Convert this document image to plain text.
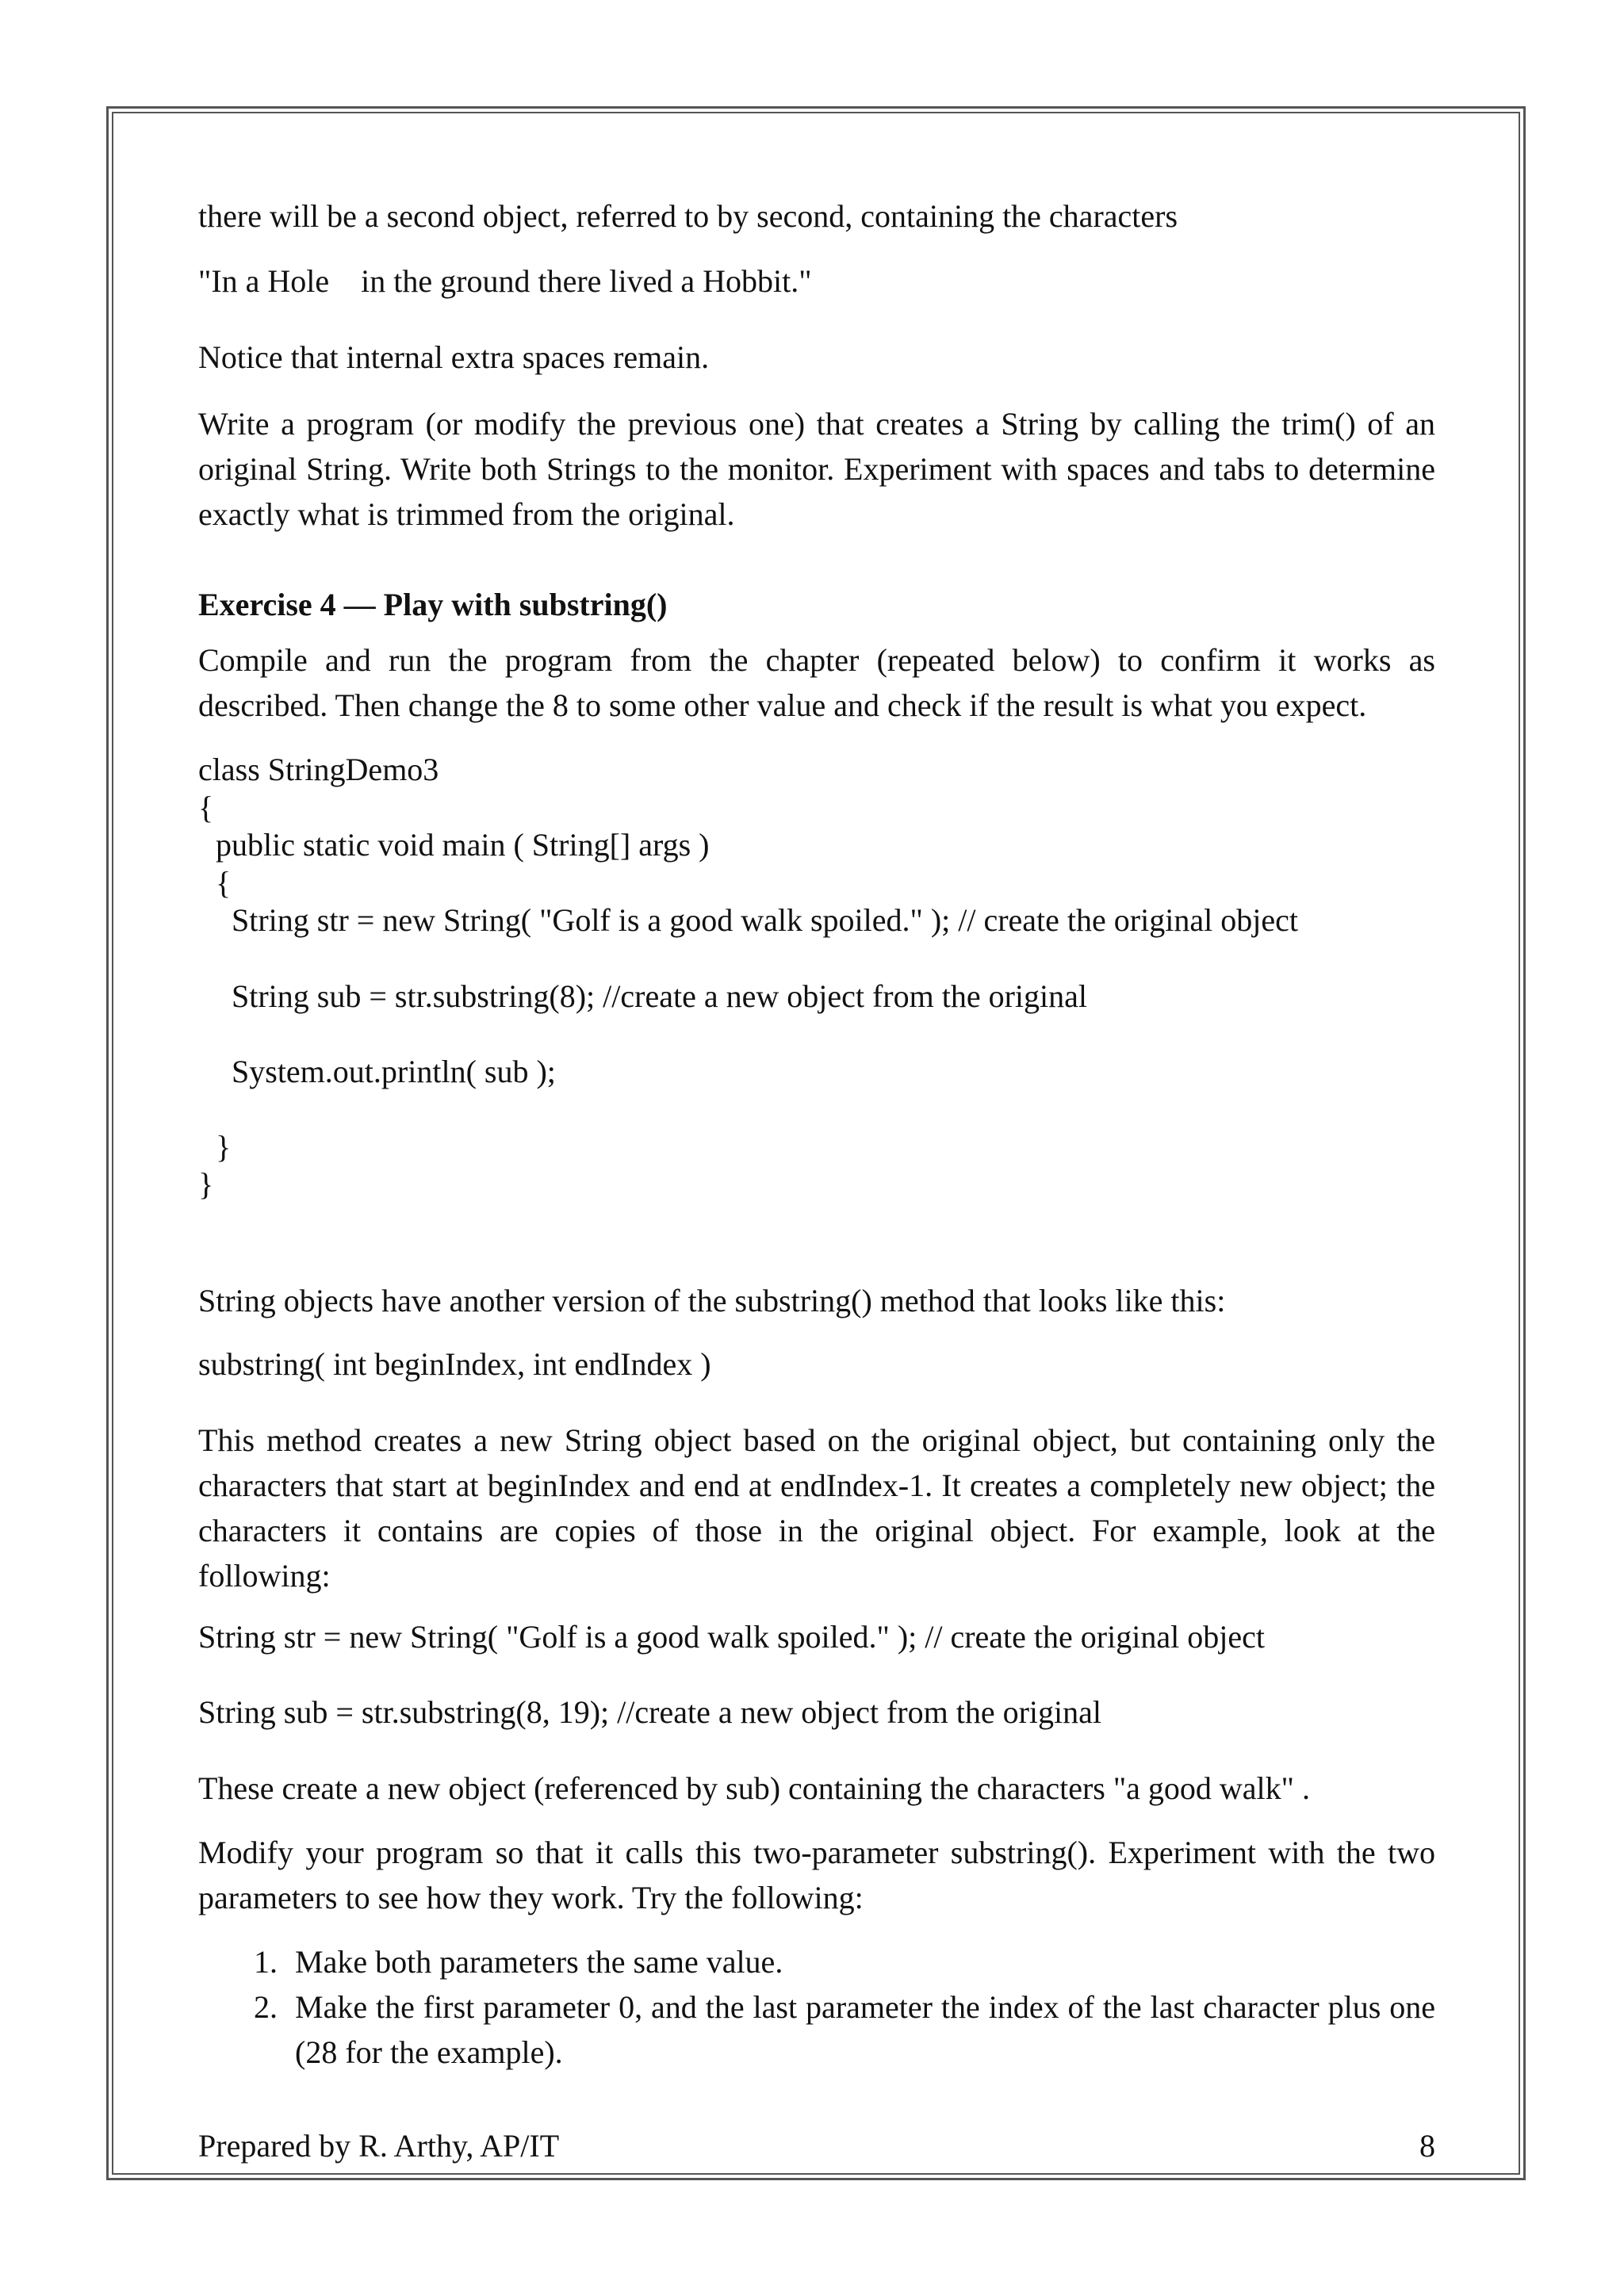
there will be a second object, referred to by second, containing the characters
"In a Hole    in the ground there lived a Hobbit."
Notice that internal extra spaces remain.
Write a program (or modify the previous one) that creates a String by calling the trim() of an original String. Write both Strings to the monitor. Experiment with spaces and tabs to determine exactly what is trimmed from the original.
Exercise 4 — Play with substring()
Compile and run the program from the chapter (repeated below) to confirm it works as described. Then change the 8 to some other value and check if the result is what you expect.
class StringDemo3
{
public static void main ( String[] args )
{
String str = new String( "Golf is a good walk spoiled." ); // create the original object
String sub = str.substring(8); //create a new object from the original
System.out.println( sub );
}
}
String objects have another version of the substring() method that looks like this:
substring( int beginIndex, int endIndex )
This method creates a new String object based on the original object, but containing only the characters that start at beginIndex and end at endIndex-1. It creates a completely new object; the characters it contains are copies of those in the original object. For example, look at the following:
String str = new String( "Golf is a good walk spoiled." ); // create the original object
String sub = str.substring(8, 19); //create a new object from the original
These create a new object (referenced by sub) containing the characters "a good walk" .
Modify your program so that it calls this two-parameter substring(). Experiment with the two parameters to see how they work. Try the following:
1. Make both parameters the same value.
2. Make the first parameter 0, and the last parameter the index of the last character plus one (28 for the example).
Prepared by R. Arthy, AP/IT	8
